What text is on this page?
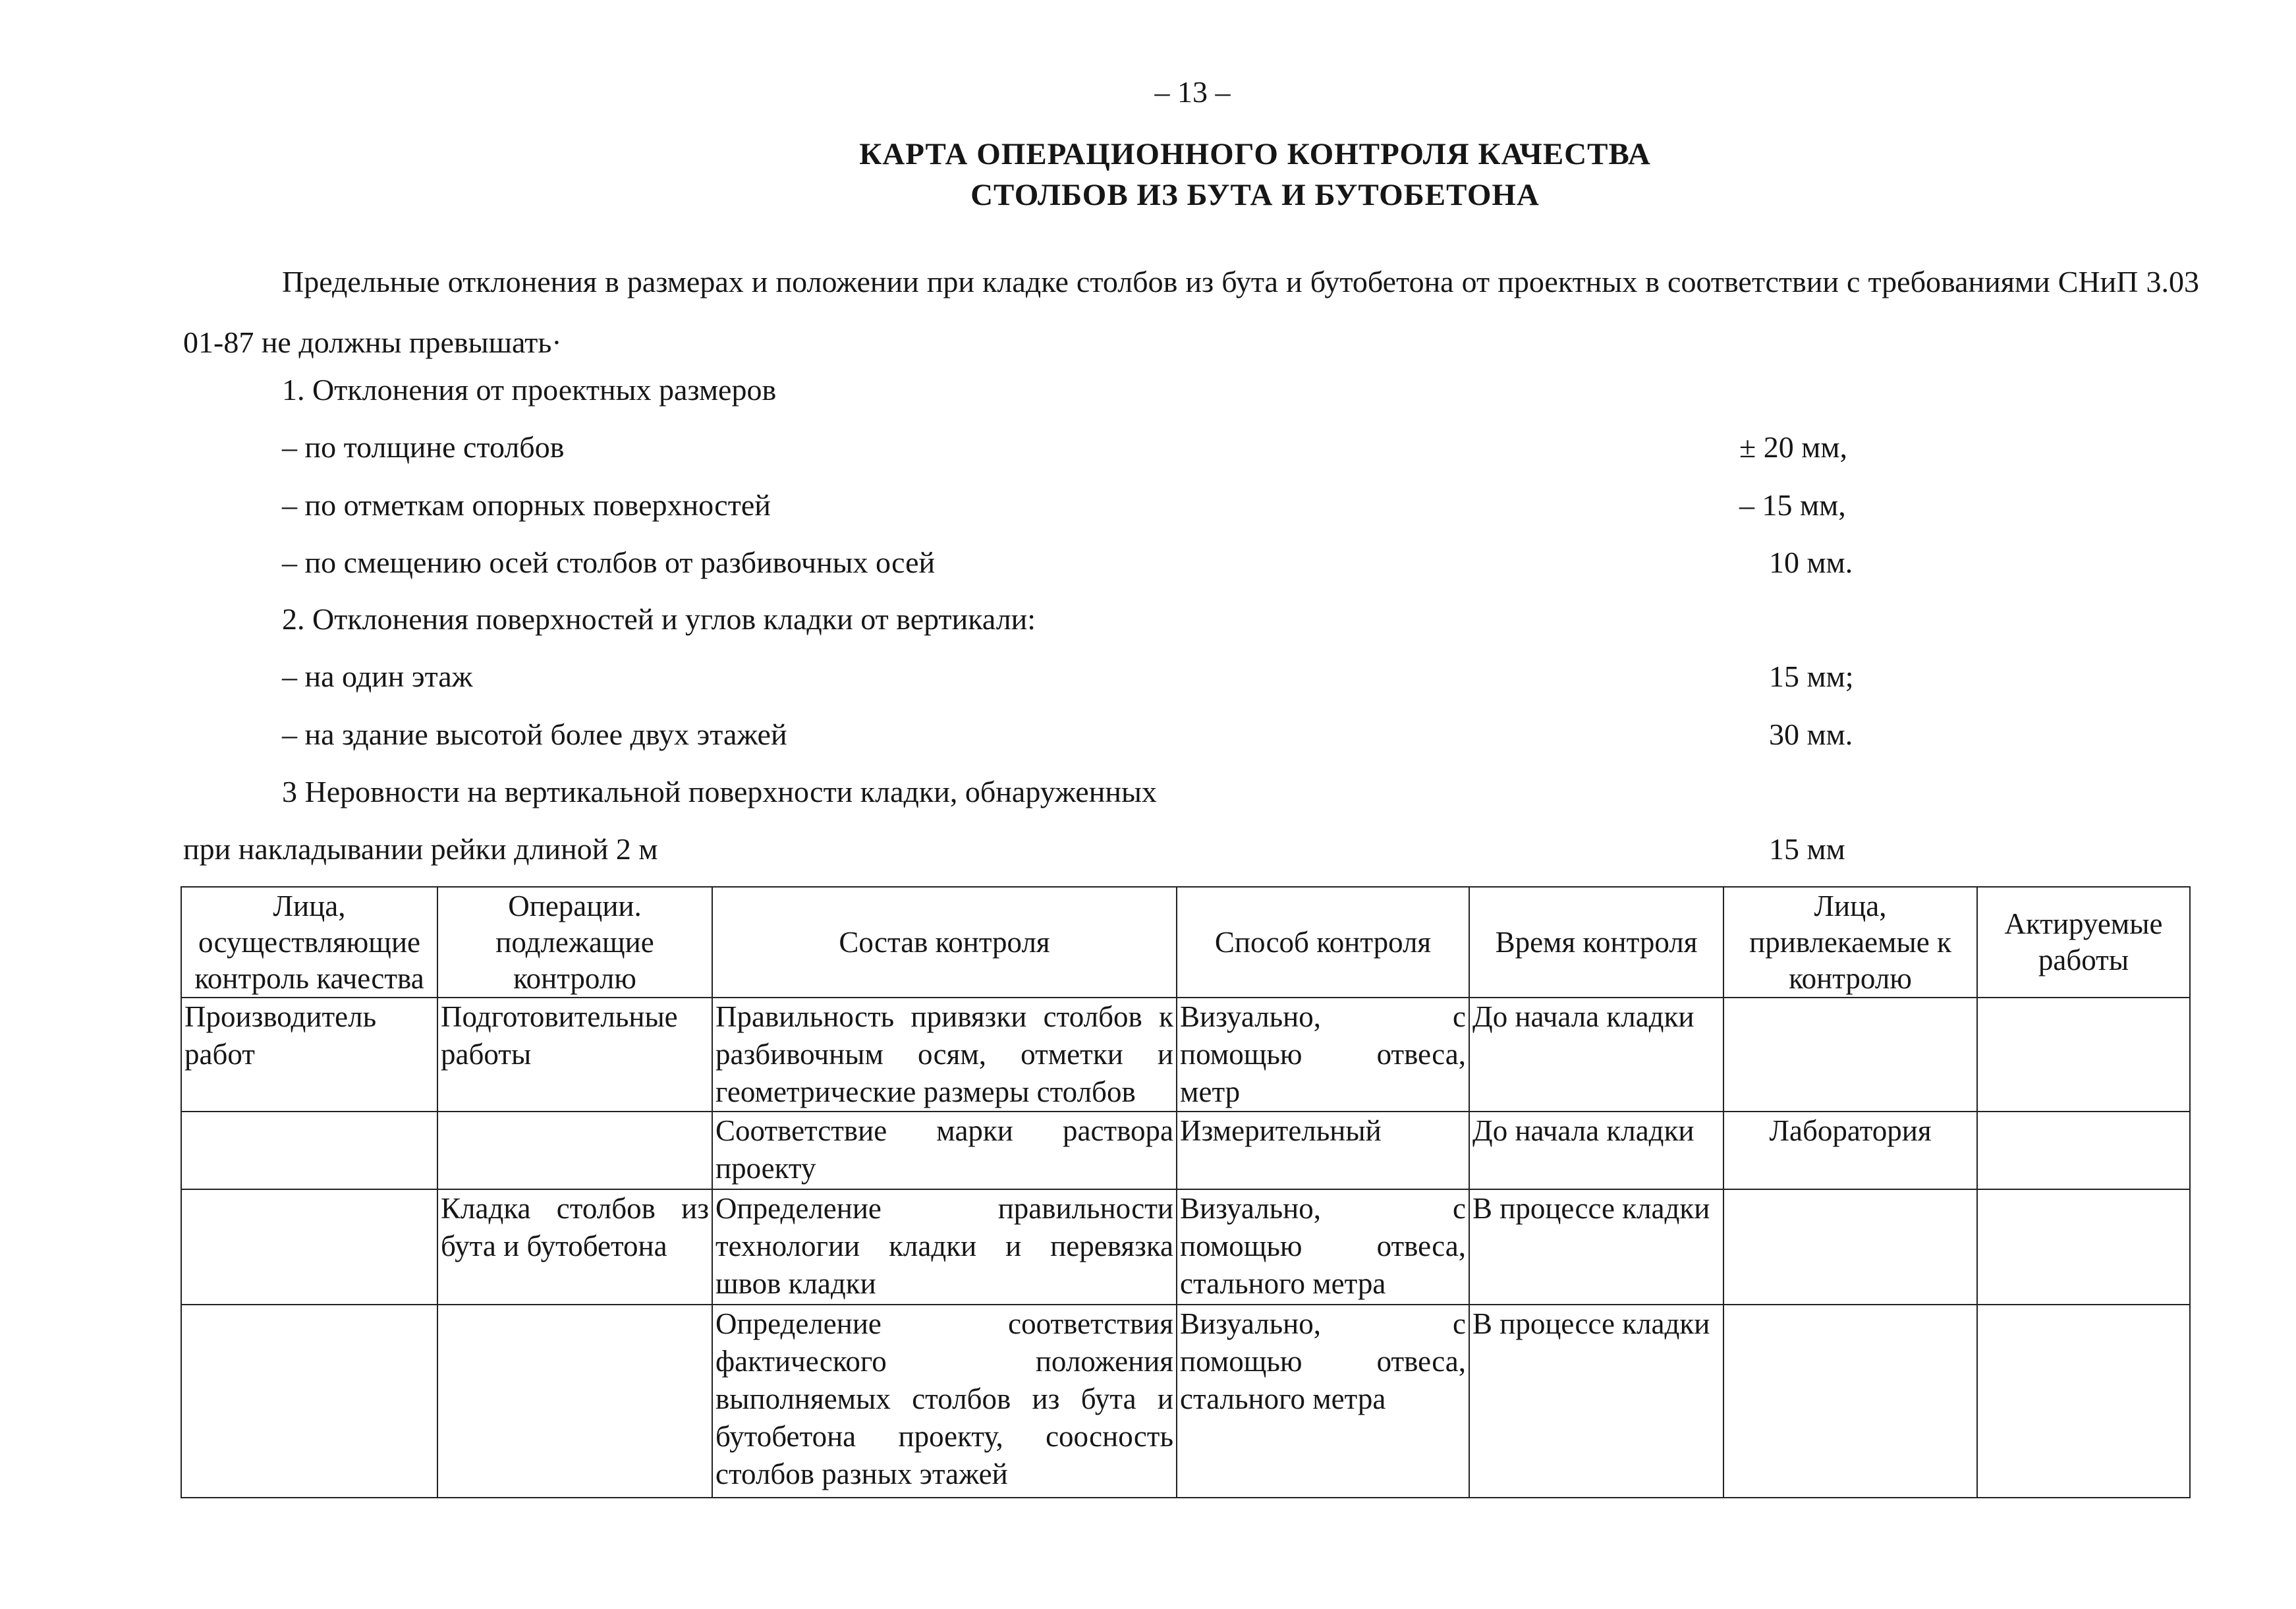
– 13 –
КАРТА ОПЕРАЦИОННОГО КОНТРОЛЯ КАЧЕСТВА
СТОЛБОВ ИЗ БУТА И БУТОБЕТОНА

Предельные отклонения в размерах и положении при кладке столбов из бута и бутобетона от проектных в соответствии с требованиями СНиП 3.03 01-87 не должны превышать·

1. Отклонения от проектных размеров
– по толщине столбов	± 20 мм,
– по отметкам опорных поверхностей	– 15 мм,
– по смещению осей столбов от разбивочных осей	10 мм.
2. Отклонения поверхностей и углов кладки от вертикали:
– на один этаж	15 мм;
– на здание высотой более двух этажей	30 мм.
3 Неровности на вертикальной поверхности кладки, обнаруженных
при накладывании рейки длиной 2 м	15 мм
Лица, осуществляющие контроль качества	Операции. подлежащие контролю	Состав контроля	Способ контроля	Время контроля	Лица, привлекаемые к контролю	Актируемые работы
Производитель работ	Подготовительные работы	Правильность привязки столбов к разбивочным осям, отметки и геометрические размеры столбов	Визуально, с помощью отвеса, метр	До начала кладки		
		Соответствие марки раствора проекту	Измерительный	До начала кладки	Лаборатория	
	Кладка столбов из бута и бутобетона	Определение правильности технологии кладки и перевязка швов кладки	Визуально, с помощью отвеса, стального метра	В процессе кладки		
		Определение соответствия фактического положения выполняемых столбов из бута и бутобетона проекту, соосность столбов разных этажей	Визуально, с помощью отвеса, стального метра	В процессе кладки		
